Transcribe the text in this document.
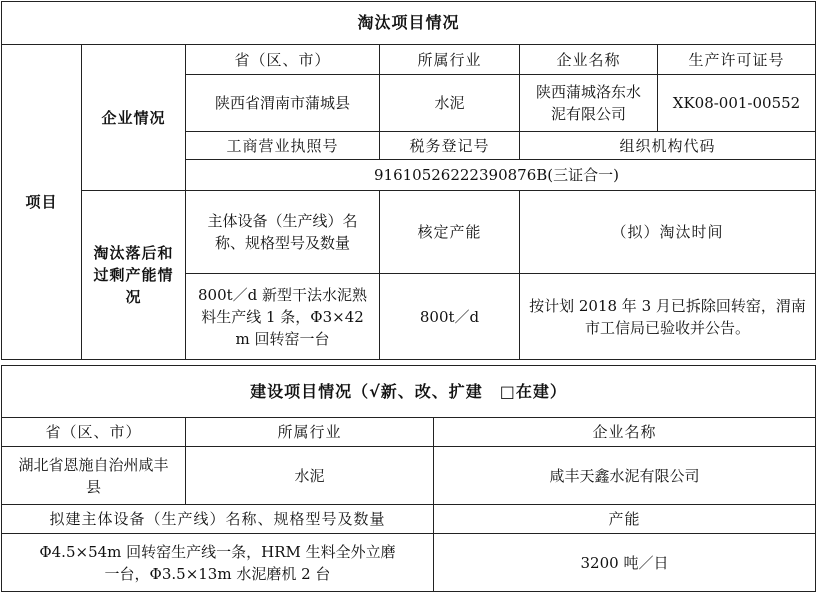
淘汰项目情况					
项目	企业情况	省（区、市）	所属行业	企业名称	生产许可证号
		陕西省渭南市蒲城县	水泥	陕西蒲城洛东水泥有限公司	XK08-001-00552
		工商营业执照号	税务登记号	组织机构代码	
		91610526222390876B(三证合一)			
	淘汰落后和过剩产能情况	主体设备（生产线）名称、规格型号及数量	核定产能	（拟）淘汰时间	
		800t／d 新型干法水泥熟料生产线 1 条，Φ3×42m 回转窑一台	800t／d	按计划 2018 年 3 月已拆除回转窑，渭南市工信局已验收并公告。	
建设项目情况（√新、改、扩建　□在建）		
省（区、市）	所属行业	企业名称
湖北省恩施自治州咸丰县	水泥	咸丰天鑫水泥有限公司
拟建主体设备（生产线）名称、规格型号及数量		产能
Φ4.5×54m 回转窑生产线一条，HRM 生料全外立磨一台，Φ3.5×13m 水泥磨机 2 台		3200 吨／日
